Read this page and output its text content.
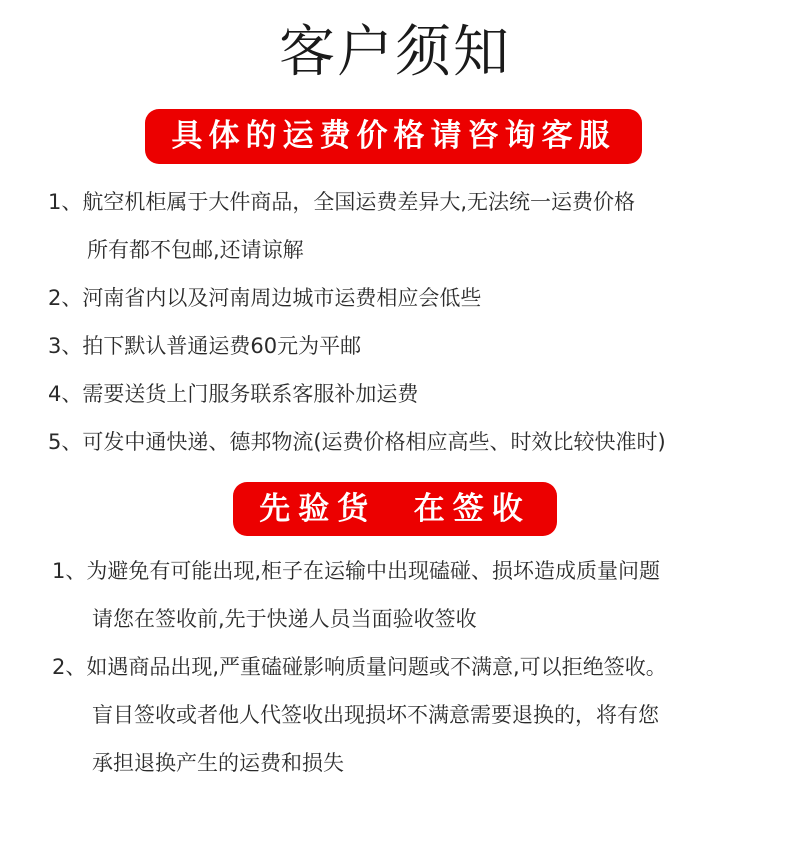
客户须知
具体的运费价格请咨询客服
1、航空机柜属于大件商品，全国运费差异大,无法统一运费价格
所有都不包邮,还请谅解
2、河南省内以及河南周边城市运费相应会低些
3、拍下默认普通运费60元为平邮
4、需要送货上门服务联系客服补加运费
5、可发中通快递、德邦物流(运费价格相应高些、时效比较快准时)
先验货  在签收
1、为避免有可能出现,柜子在运输中出现磕碰、损坏造成质量问题
请您在签收前,先于快递人员当面验收签收
2、如遇商品出现,严重磕碰影响质量问题或不满意,可以拒绝签收。
盲目签收或者他人代签收出现损坏不满意需要退换的，将有您
承担退换产生的运费和损失
